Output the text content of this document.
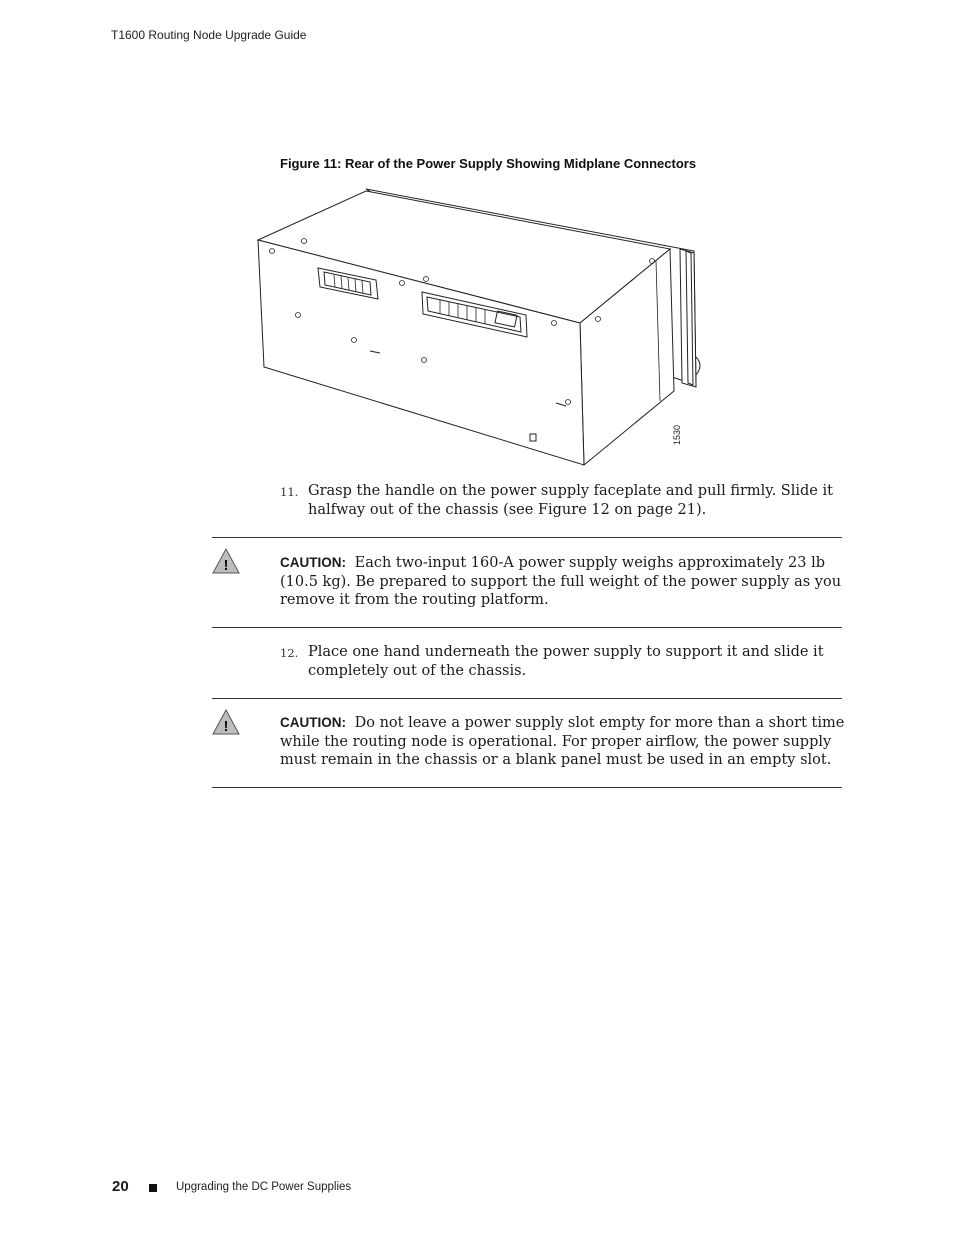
T1600 Routing Node Upgrade Guide
Figure 11: Rear of the Power Supply Showing Midplane Connectors
1530
11. Grasp the handle on the power supply faceplate and pull firmly. Slide it halfway out of the chassis (see Figure 12 on page 21).
!	CAUTION: Each two-input 160-A power supply weighs approximately 23 lb (10.5 kg). Be prepared to support the full weight of the power supply as you remove it from the routing platform.
12. Place one hand underneath the power supply to support it and slide it completely out of the chassis.
!	CAUTION: Do not leave a power supply slot empty for more than a short time while the routing node is operational. For proper airflow, the power supply must remain in the chassis or a blank panel must be used in an empty slot.
20	Upgrading the DC Power Supplies
